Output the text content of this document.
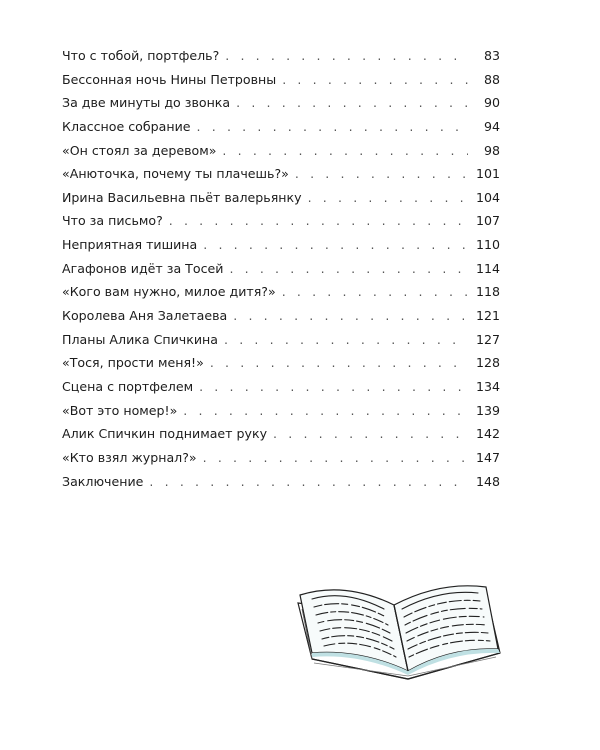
Что с тобой, портфель? . . .	83
Бессонная ночь Нины Петровны . . .	88
За две минуты до звонка . . .	90
Классное собрание . . .	94
«Он стоял за деревом» . . .	98
«Анюточка, почему ты плачешь?» . . .	101
Ирина Васильевна пьёт валерьянку . . .	104
Что за письмо? . . .	107
Неприятная тишина . . .	110
Агафонов идёт за Тосей . . .	114
«Кого вам нужно, милое дитя?» . . .	118
Королева Аня Залетаева . . .	121
Планы Алика Спичкина . . .	127
«Тося, прости меня!» . . .	128
Сцена с портфелем . . .	134
«Вот это номер!» . . .	139
Алик Спичкин поднимает руку . . .	142
«Кто взял журнал?» . . .	147
Заключение . . .	148
